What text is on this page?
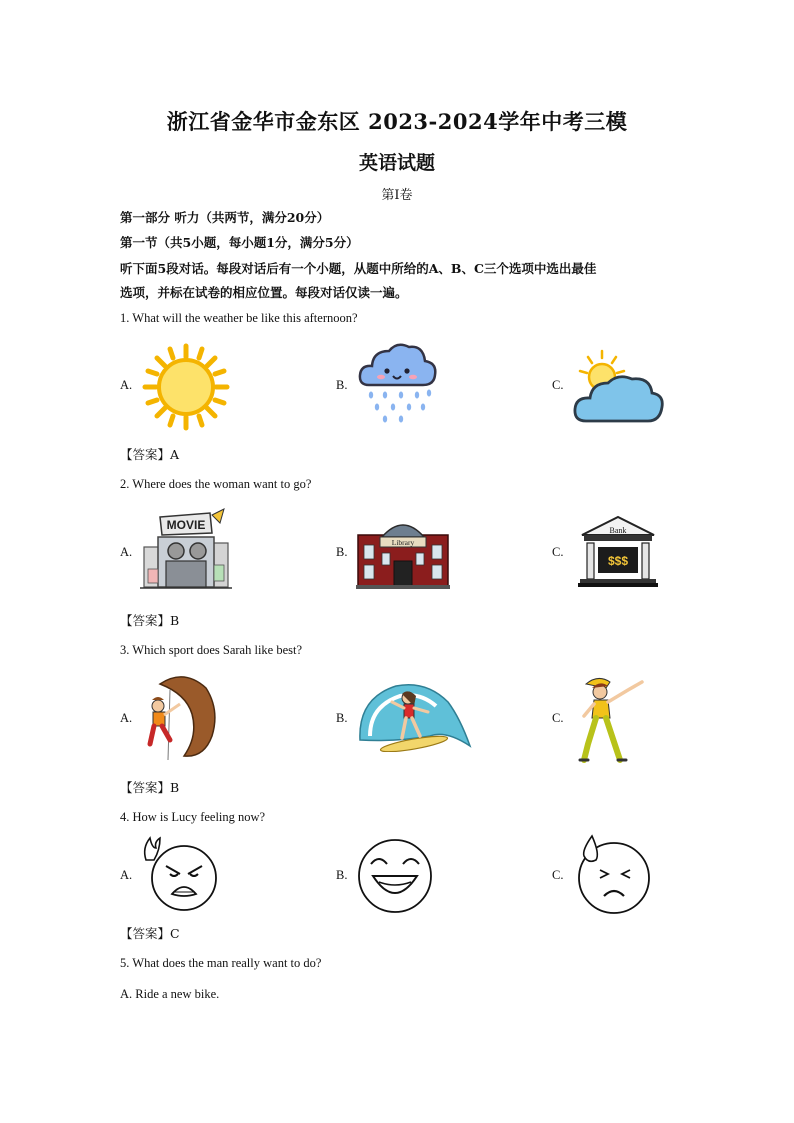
浙江省金华市金东区 2023-2024学年中考三模
英语试题
第I卷
第一部分 听力（共两节，满分20分）
第一节（共5小题，每小题1分，满分5分）
听下面5段对话。每段对话后有一个小题，从题中所给的A、B、C三个选项中选出最佳
选项，并标在试卷的相应位置。每段对话仅读一遍。
1. What will the weather be like this afternoon?
A.	B.	C.
【答案】A
2. Where does the woman want to go?
A.
MOVIE
B.
Library
C.
Bank
$$$
【答案】B
3. Which sport does Sarah like best?
A.	B.	C.
【答案】B
4. How is Lucy feeling now?
A.	B.	C.
【答案】C
5. What does the man really want to do?
A. Ride a new bike.
